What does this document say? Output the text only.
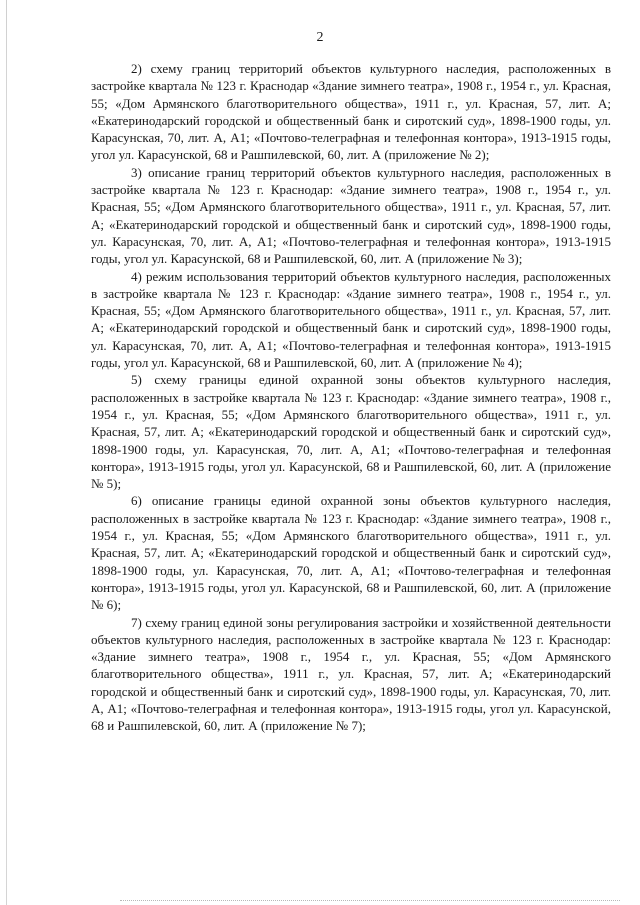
2

2) схему границ территорий объектов культурного наследия, расположенных в застройке квартала № 123 г. Краснодар «Здание зимнего театра», 1908 г., 1954 г., ул. Красная, 55; «Дом Армянского благотворительного общества», 1911 г., ул. Красная, 57, лит. А; «Екатеринодарский городской и общественный банк и сиротский суд», 1898-1900 годы, ул. Карасунская, 70, лит. А, А1; «Почтово-телеграфная и телефонная контора», 1913-1915 годы, угол ул. Карасунской, 68 и Рашпилевской, 60, лит. А (приложение № 2);

3) описание границ территорий объектов культурного наследия, расположенных в застройке квартала № 123 г. Краснодар: «Здание зимнего театра», 1908 г., 1954 г., ул. Красная, 55; «Дом Армянского благотворительного общества», 1911 г., ул. Красная, 57, лит. А; «Екатеринодарский городской и общественный банк и сиротский суд», 1898-1900 годы, ул. Карасунская, 70, лит. А, А1; «Почтово-телеграфная и телефонная контора», 1913-1915 годы, угол ул. Карасунской, 68 и Рашпилевской, 60, лит. А (приложение № 3);

4) режим использования территорий объектов культурного наследия, расположенных в застройке квартала № 123 г. Краснодар: «Здание зимнего театра», 1908 г., 1954 г., ул. Красная, 55; «Дом Армянского благотворительного общества», 1911 г., ул. Красная, 57, лит. А; «Екатеринодарский городской и общественный банк и сиротский суд», 1898-1900 годы, ул. Карасунская, 70, лит. А, А1; «Почтово-телеграфная и телефонная контора», 1913-1915 годы, угол ул. Карасунской, 68 и Рашпилевской, 60, лит. А (приложение № 4);

5) схему границы единой охранной зоны объектов культурного наследия, расположенных в застройке квартала № 123 г. Краснодар: «Здание зимнего театра», 1908 г., 1954 г., ул. Красная, 55; «Дом Армянского благотворительного общества», 1911 г., ул. Красная, 57, лит. А; «Екатеринодарский городской и общественный банк и сиротский суд», 1898-1900 годы, ул. Карасунская, 70, лит. А, А1; «Почтово-телеграфная и телефонная контора», 1913-1915 годы, угол ул. Карасунской, 68 и Рашпилевской, 60, лит. А (приложение № 5);

6) описание границы единой охранной зоны объектов культурного наследия, расположенных в застройке квартала № 123 г. Краснодар: «Здание зимнего театра», 1908 г., 1954 г., ул. Красная, 55; «Дом Армянского благотворительного общества», 1911 г., ул. Красная, 57, лит. А; «Екатеринодарский городской и общественный банк и сиротский суд», 1898-1900 годы, ул. Карасунская, 70, лит. А, А1; «Почтово-телеграфная и телефонная контора», 1913-1915 годы, угол ул. Карасунской, 68 и Рашпилевской, 60, лит. А (приложение № 6);

7) схему границ единой зоны регулирования застройки и хозяйственной деятельности объектов культурного наследия, расположенных в застройке квартала № 123 г. Краснодар: «Здание зимнего театра», 1908 г., 1954 г., ул. Красная, 55; «Дом Армянского благотворительного общества», 1911 г., ул. Красная, 57, лит. А; «Екатеринодарский городской и общественный банк и сиротский суд», 1898-1900 годы, ул. Карасунская, 70, лит. А, А1; «Почтово-телеграфная и телефонная контора», 1913-1915 годы, угол ул. Карасунской, 68 и Рашпилевской, 60, лит. А (приложение № 7);
